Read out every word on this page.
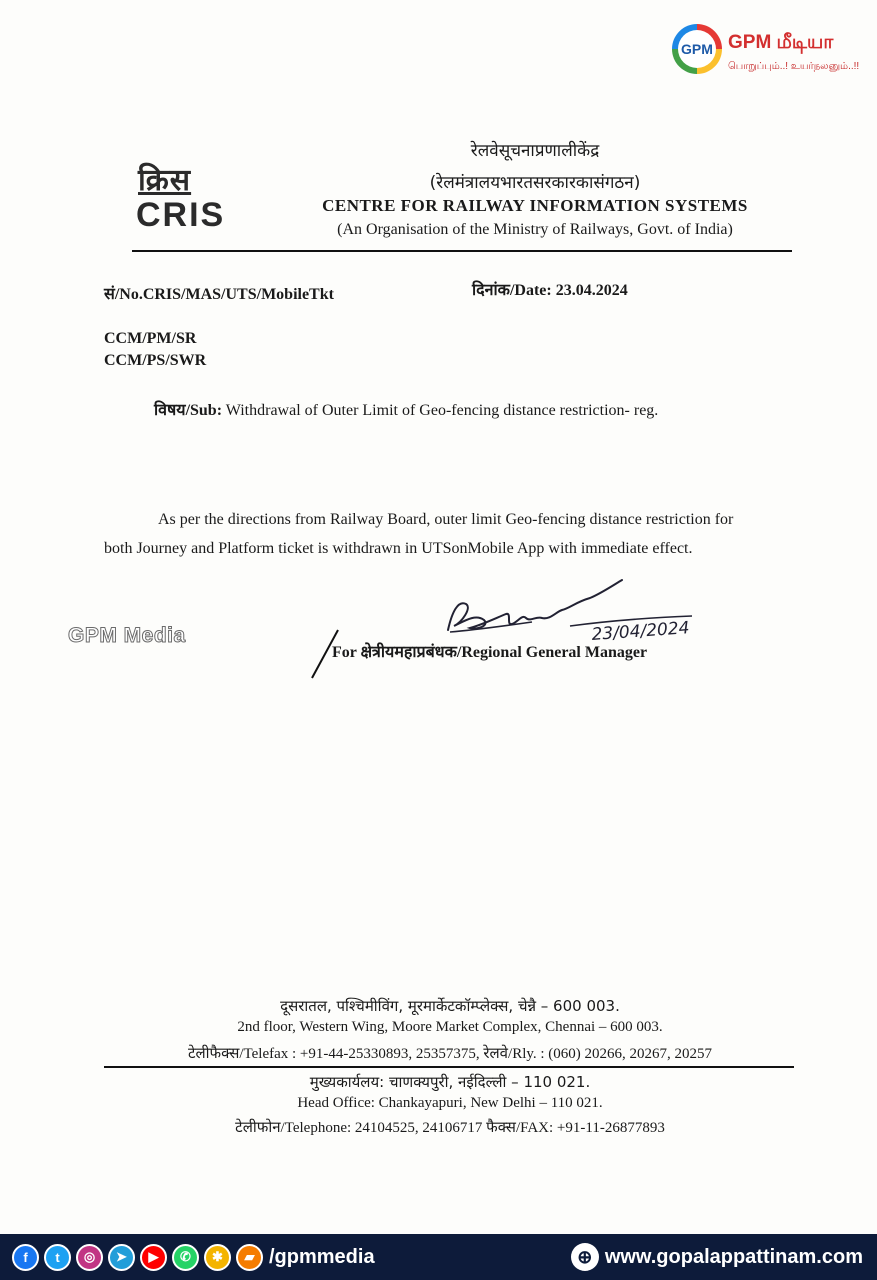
GPM GPM மீடியா
பொறுப்பும்..! உயர்நலனும்..!!
क्रिस
CRIS
रेलवेसूचनाप्रणालीकेंद्र
(रेलमंत्रालयभारतसरकारकासंगठन)
CENTRE FOR RAILWAY INFORMATION SYSTEMS
(An Organisation of the Ministry of Railways, Govt. of India)
सं/No.CRIS/MAS/UTS/MobileTkt	दिनांक/Date: 23.04.2024
CCM/PM/SR
CCM/PS/SWR
विषय/Sub: Withdrawal of Outer Limit of Geo-fencing distance restriction- reg.
As per the directions from Railway Board, outer limit Geo-fencing distance restriction for
both Journey and Platform ticket is withdrawn in UTSonMobile App with immediate effect.
GPM Media	23/04/2024
For क्षेत्रीयमहाप्रबंधक/Regional General Manager
दूसरातल, पश्चिमीविंग, मूरमार्केटकॉम्प्लेक्स, चेन्नै – 600 003.
2nd floor, Western Wing, Moore Market Complex, Chennai – 600 003.
टेलीफैक्स/Telefax : +91-44-25330893, 25357375, रेलवे/Rly. : (060) 20266, 20267, 20257
मुख्यकार्यलय: चाणक्यपुरी, नईदिल्ली – 110 021.
Head Office: Chankayapuri, New Delhi – 110 021.
टेलीफोन/Telephone: 24104525, 24106717 फैक्स/FAX: +91-11-26877893
f	t	◎	➤	▶	✆	✱	▰ /gpmmedia	⊕ www.gopalappattinam.com
